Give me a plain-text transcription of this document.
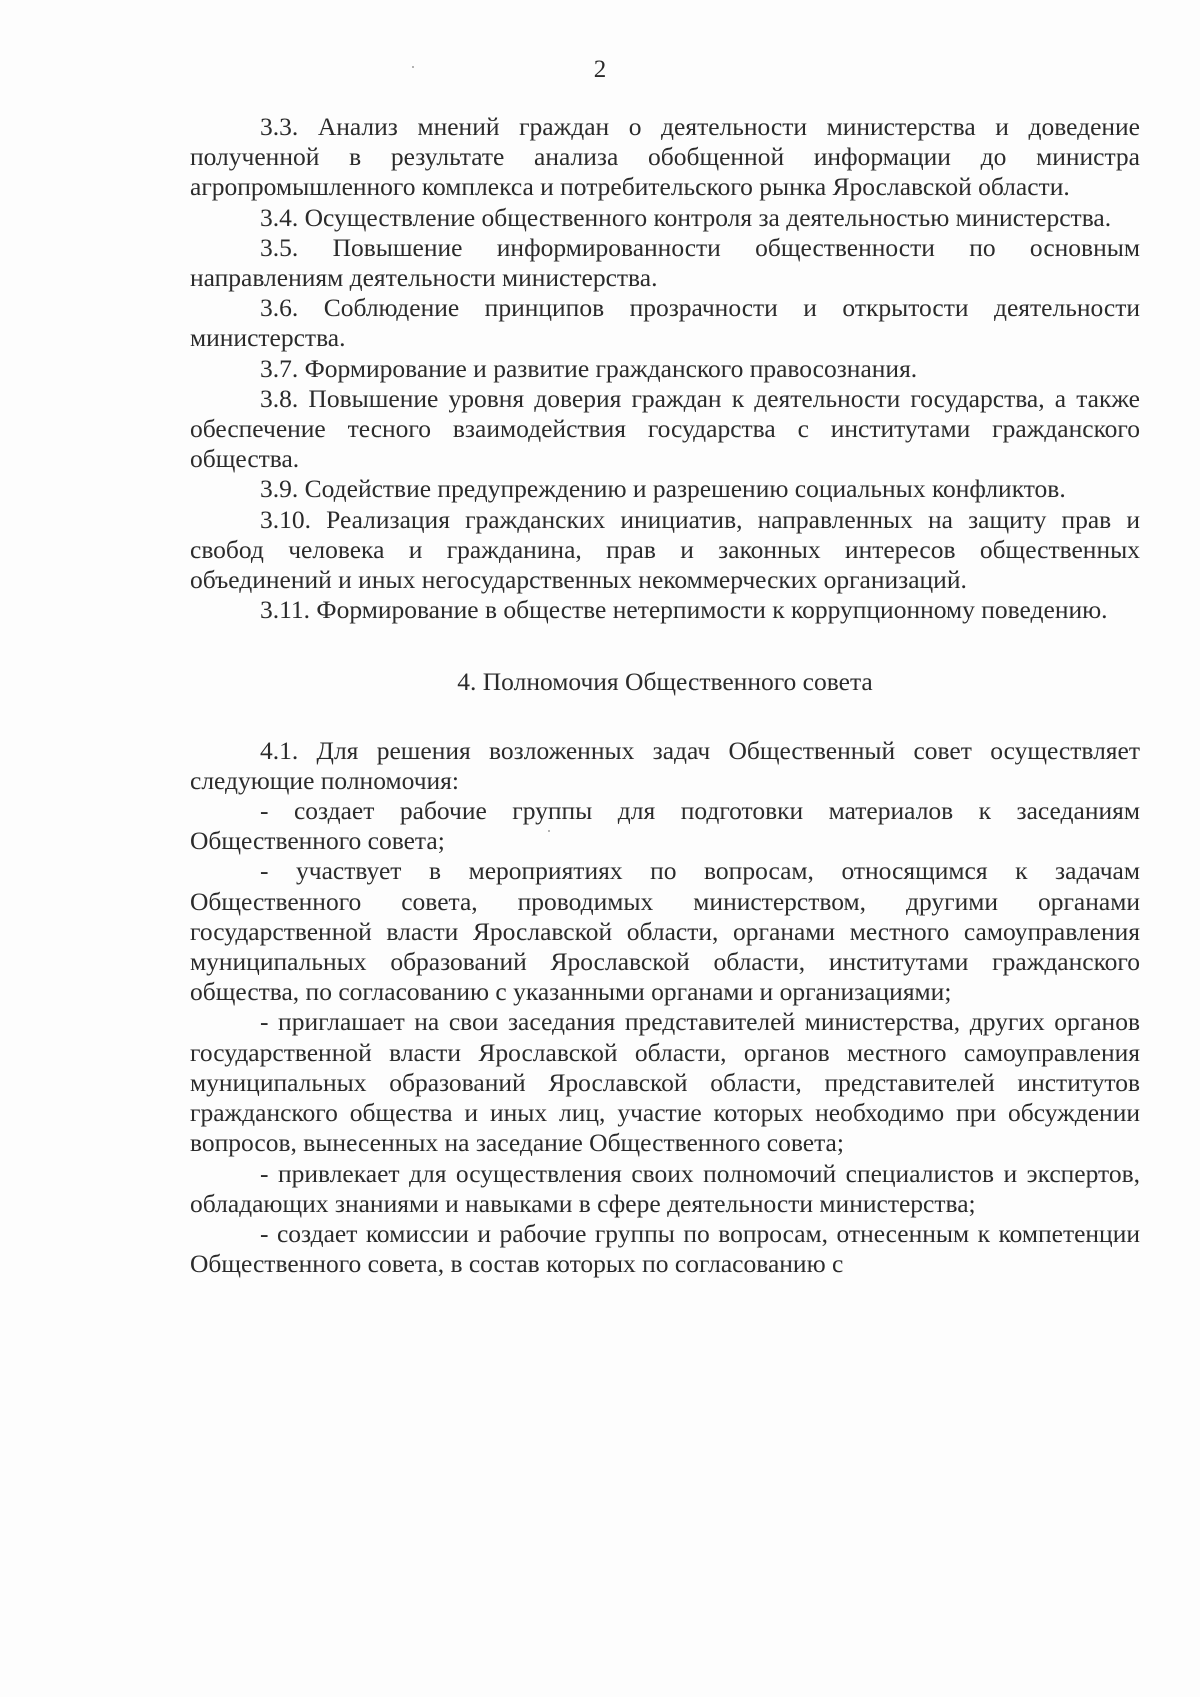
2

3.3. Анализ мнений граждан о деятельности министерства и доведение полученной в результате анализа обобщенной информации до министра агропромышленного комплекса и потребительского рынка Ярославской области.

3.4. Осуществление общественного контроля за деятельностью министерства.

3.5. Повышение информированности общественности по основным направлениям деятельности министерства.

3.6. Соблюдение принципов прозрачности и открытости деятельности министерства.

3.7. Формирование и развитие гражданского правосознания.

3.8. Повышение уровня доверия граждан к деятельности государства, а также обеспечение тесного взаимодействия государства с институтами гражданского общества.

3.9. Содействие предупреждению и разрешению социальных конфликтов.

3.10. Реализация гражданских инициатив, направленных на защиту прав и свобод человека и гражданина, прав и законных интересов общественных объединений и иных негосударственных некоммерческих организаций.

3.11. Формирование в обществе нетерпимости к коррупционному поведению.

4. Полномочия Общественного совета

4.1. Для решения возложенных задач Общественный совет осуществляет следующие полномочия:

- создает рабочие группы для подготовки материалов к заседаниям Общественного совета;

- участвует в мероприятиях по вопросам, относящимся к задачам Общественного совета, проводимых министерством, другими органами государственной власти Ярославской области, органами местного самоуправления муниципальных образований Ярославской области, институтами гражданского общества, по согласованию с указанными органами и организациями;

- приглашает на свои заседания представителей министерства, других органов государственной власти Ярославской области, органов местного самоуправления муниципальных образований Ярославской области, представителей институтов гражданского общества и иных лиц, участие которых необходимо при обсуждении вопросов, вынесенных на заседание Общественного совета;

- привлекает для осуществления своих полномочий специалистов и экспертов, обладающих знаниями и навыками в сфере деятельности министерства;

- создает комиссии и рабочие группы по вопросам, отнесенным к компетенции Общественного совета, в состав которых по согласованию с
